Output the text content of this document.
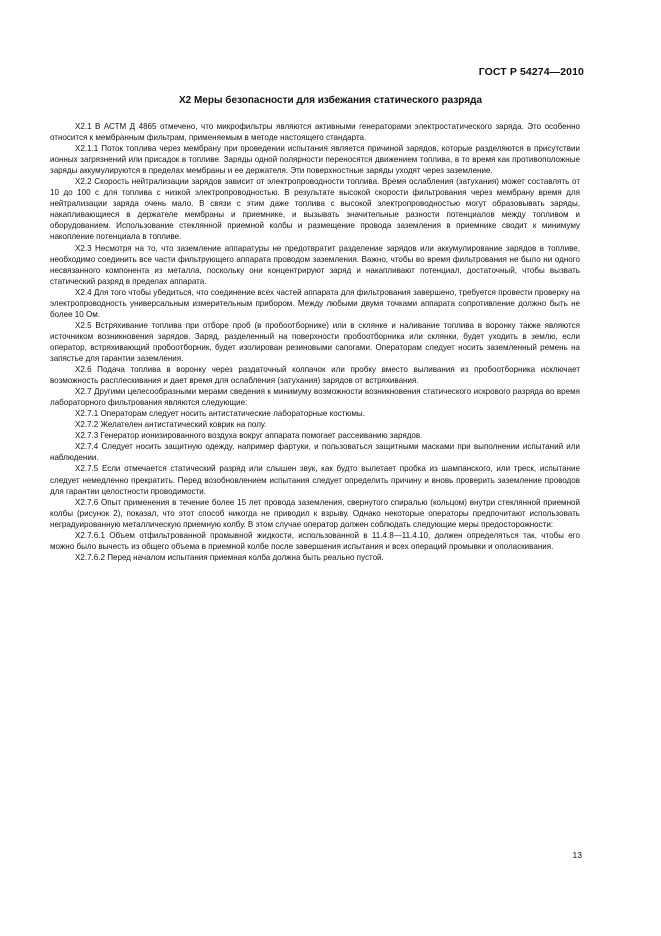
ГОСТ Р 54274—2010
X2 Меры безопасности для избежания статического разряда

X2.1 В АСТМ Д 4865 отмечено, что микрофильтры являются активными генераторами электростатического заряда. Это особенно относится к мембранным фильтрам, применяемым в методе настоящего стандарта.

X2.1.1 Поток топлива через мембрану при проведении испытания является причиной зарядов, которые разделяются в присутствии ионных загрязнений или присадок в топливе. Заряды одной полярности переносятся движением топлива, в то время как противоположные заряды аккумулируются в пределах мембраны и ее держателя. Эти поверхностные заряды уходят через заземление.

X2.2 Скорость нейтрализации зарядов зависит от электропроводности топлива. Время ослабления (затухания) может составлять от 10 до 100 с для топлива с низкой электропроводностью. В результате высокой скорости фильтрования через мембрану время для нейтрализации заряда очень мало. В связи с этим даже топлива с высокой электропроводностью могут образовывать заряды, накапливающиеся в держателе мембраны и приемнике, и вызывать значительные разности потенциалов между топливом и оборудованием. Использование стеклянной приемной колбы и размещение провода заземления в приемнике сводит к минимуму накопление потенциала в топливе.

X2.3 Несмотря на то, что заземление аппаратуры не предотвратит разделение зарядов или аккумулирование зарядов в топливе, необходимо соединить все части фильтрующего аппарата проводом заземления. Важно, чтобы во время фильтрования не было ни одного несвязанного компонента из металла, поскольку они концентрируют заряд и накапливают потенциал, достаточный, чтобы вызвать статический разряд в пределах аппарата.

X2.4 Для того чтобы убедиться, что соединение всех частей аппарата для фильтрования завершено, требуется провести проверку на электропроводность универсальным измерительным прибором. Между любыми двумя точками аппарата сопротивление должно быть не более 10 Ом.

X2.5 Встряхивание топлива при отборе проб (в пробоотборнике) или в склянке и наливание топлива в воронку также являются источником возникновения зарядов. Заряд, разделенный на поверхности пробоотборника или склянки, будет уходить в землю, если оператор, встряхивающий пробоотборник, будет изолирован резиновыми сапогами. Операторам следует носить заземленный ремень на запястье для гарантии заземления.

X2.6 Подача топлива в воронку через раздаточный колпачок или пробку вместо выливания из пробоотборника исключает возможность расплескивания и дает время для ослабления (затухания) зарядов от встряхивания.

X2.7 Другими целесообразными мерами сведения к минимуму возможности возникновения статического искрового разряда во время лабораторного фильтрования являются следующие:

X2.7.1 Операторам следует носить антистатические лабораторные костюмы.

X2.7.2 Желателен антистатический коврик на полу.

X2.7.3 Генератор ионизированного воздуха вокруг аппарата помогает рассеиванию зарядов.

X2.7.4 Следует носить защитную одежду, например фартуки, и пользоваться защитными масками при выполнении испытаний или наблюдении.

X2.7.5 Если отмечается статический разряд или слышен звук, как будто вылетает пробка из шампанского, или треск, испытание следует немедленно прекратить. Перед возобновлением испытания следует определить причину и вновь проверить заземление проводов для гарантии целостности проводимости.

X2.7.6 Опыт применения в течение более 15 лет провода заземления, свернутого спиралью (кольцом) внутри стеклянной приемной колбы (рисунок 2), показал, что этот способ никогда не приводил к взрыву. Однако некоторые операторы предпочитают использовать неградуированную металлическую приемную колбу. В этом случае оператор должен соблюдать следующие меры предосторожности:

X2.7.6.1 Объем отфильтрованной промывной жидкости, использованной в 11.4.8—11.4.10, должен определяться так, чтобы его можно было вычесть из общего объема в приемной колбе после завершения испытания и всех операций промывки и ополаскивания.

X2.7.6.2 Перед началом испытания приемная колба должна быть реально пустой.

13
